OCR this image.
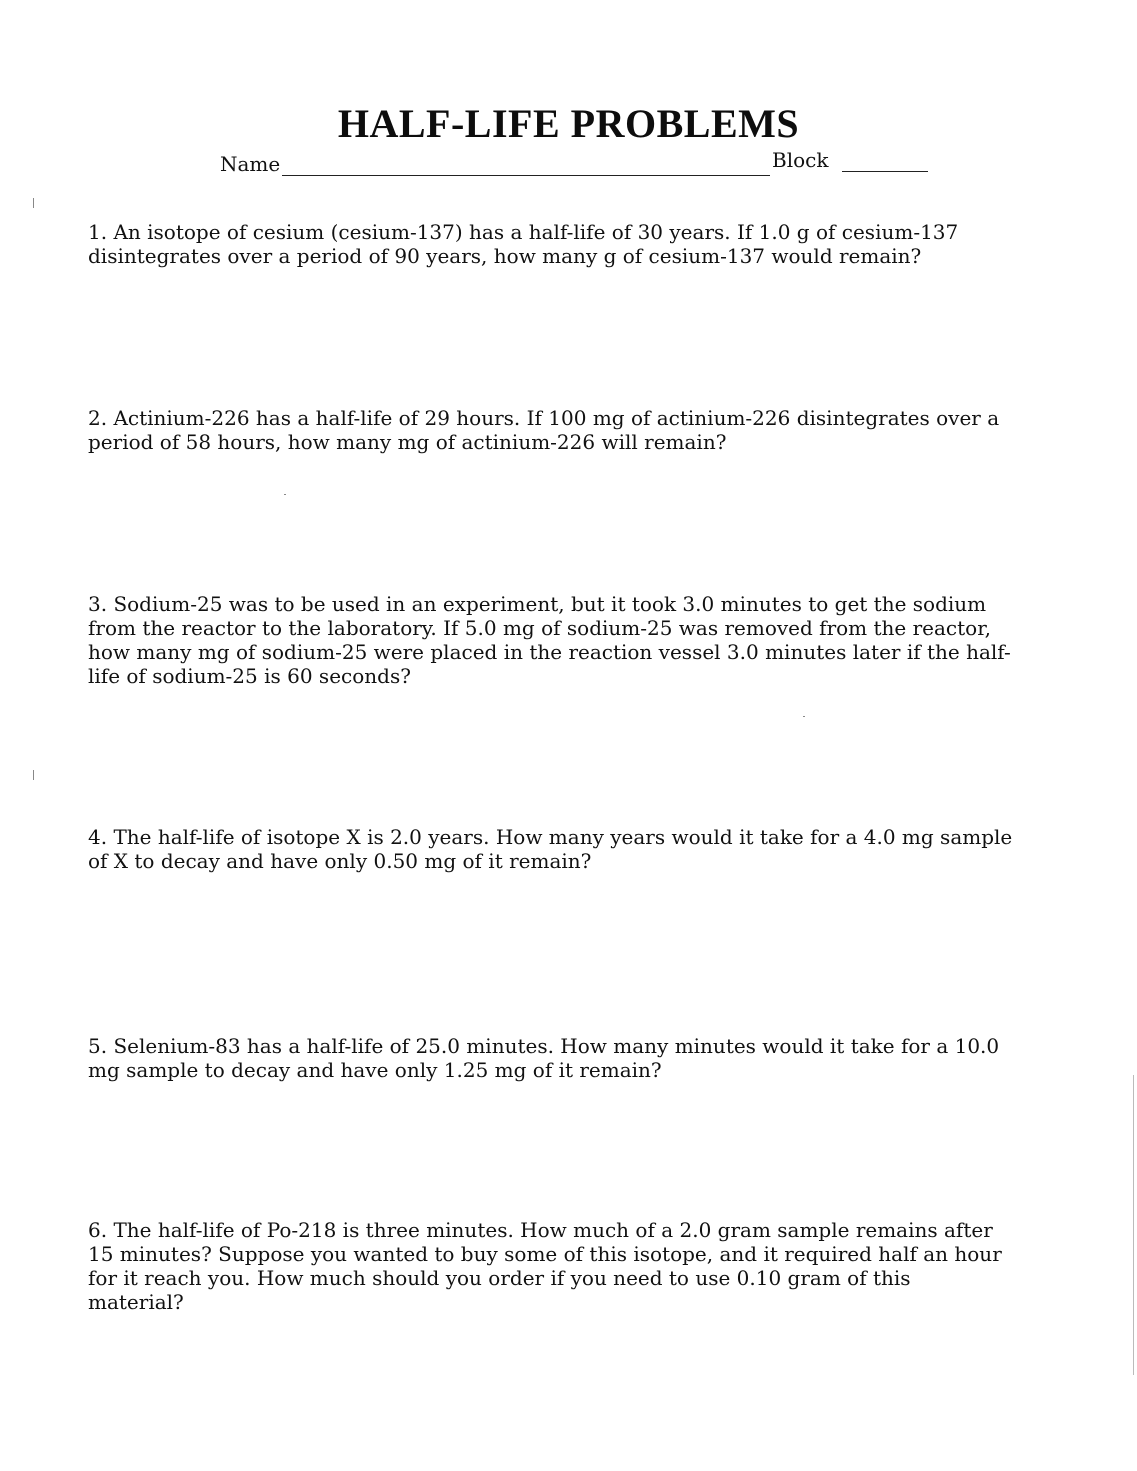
HALF-LIFE PROBLEMS
Name	Block
1. An isotope of cesium (cesium-137) has a half-life of 30 years. If 1.0 g of cesium-137
disintegrates over a period of 90 years, how many g of cesium-137 would remain?
2. Actinium-226 has a half-life of 29 hours. If 100 mg of actinium-226 disintegrates over a
period of 58 hours, how many mg of actinium-226 will remain?
3. Sodium-25 was to be used in an experiment, but it took 3.0 minutes to get the sodium
from the reactor to the laboratory. If 5.0 mg of sodium-25 was removed from the reactor,
how many mg of sodium-25 were placed in the reaction vessel 3.0 minutes later if the half-
life of sodium-25 is 60 seconds?
4. The half-life of isotope X is 2.0 years. How many years would it take for a 4.0 mg sample
of X to decay and have only 0.50 mg of it remain?
5. Selenium-83 has a half-life of 25.0 minutes. How many minutes would it take for a 10.0
mg sample to decay and have only 1.25 mg of it remain?
6. The half-life of Po-218 is three minutes. How much of a 2.0 gram sample remains after
15 minutes? Suppose you wanted to buy some of this isotope, and it required half an hour
for it reach you. How much should you order if you need to use 0.10 gram of this
material?
